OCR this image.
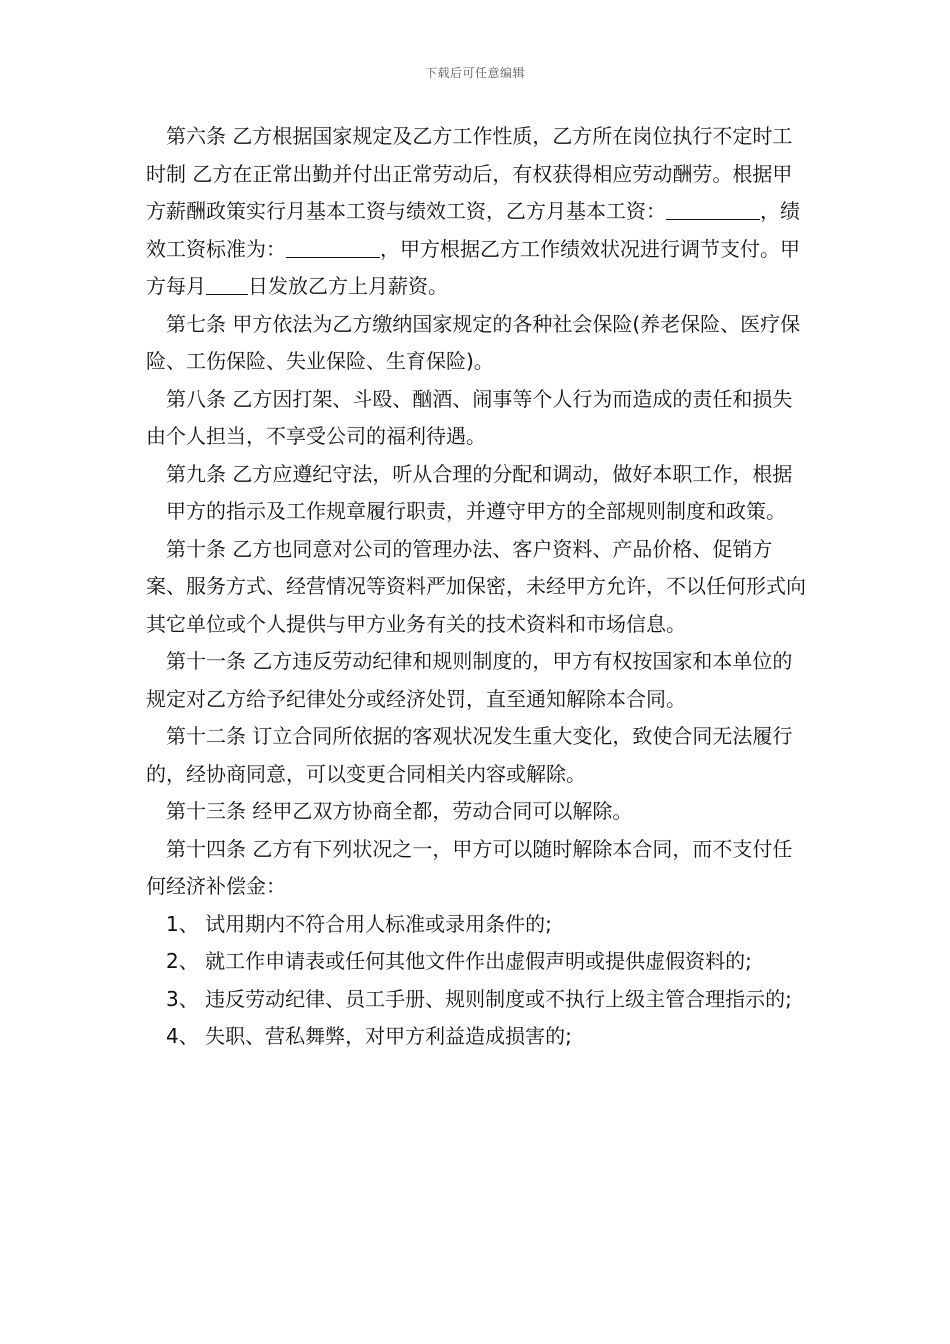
下载后可任意编辑

第六条 乙方根据国家规定及乙方工作性质，乙方所在岗位执行不定时工时制 乙方在正常出勤并付出正常劳动后，有权获得相应劳动酬劳。根据甲方薪酬政策实行月基本工资与绩效工资，乙方月基本工资：	，绩效工资标准为：	，甲方根据乙方工作绩效状况进行调节支付。甲方每月 日发放乙方上月薪资。

第七条 甲方依法为乙方缴纳国家规定的各种社会保险(养老保险、医疗保险、工伤保险、失业保险、生育保险)。

第八条 乙方因打架、斗殴、酗酒、闹事等个人行为而造成的责任和损失由个人担当，不享受公司的福利待遇。

第九条 乙方应遵纪守法，听从合理的分配和调动，做好本职工作，根据

甲方的指示及工作规章履行职责，并遵守甲方的全部规则制度和政策。

第十条 乙方也同意对公司的管理办法、客户资料、产品价格、促销方案、服务方式、经营情况等资料严加保密，未经甲方允许，不以任何形式向其它单位或个人提供与甲方业务有关的技术资料和市场信息。

第十一条 乙方违反劳动纪律和规则制度的，甲方有权按国家和本单位的规定对乙方给予纪律处分或经济处罚，直至通知解除本合同。

第十二条 订立合同所依据的客观状况发生重大变化，致使合同无法履行的，经协商同意，可以变更合同相关内容或解除。

第十三条 经甲乙双方协商全都，劳动合同可以解除。

第十四条 乙方有下列状况之一，甲方可以随时解除本合同，而不支付任何经济补偿金：

1、 试用期内不符合用人标准或录用条件的;

2、 就工作申请表或任何其他文件作出虚假声明或提供虚假资料的;

3、 违反劳动纪律、员工手册、规则制度或不执行上级主管合理指示的;

4、 失职、营私舞弊，对甲方利益造成损害的;
